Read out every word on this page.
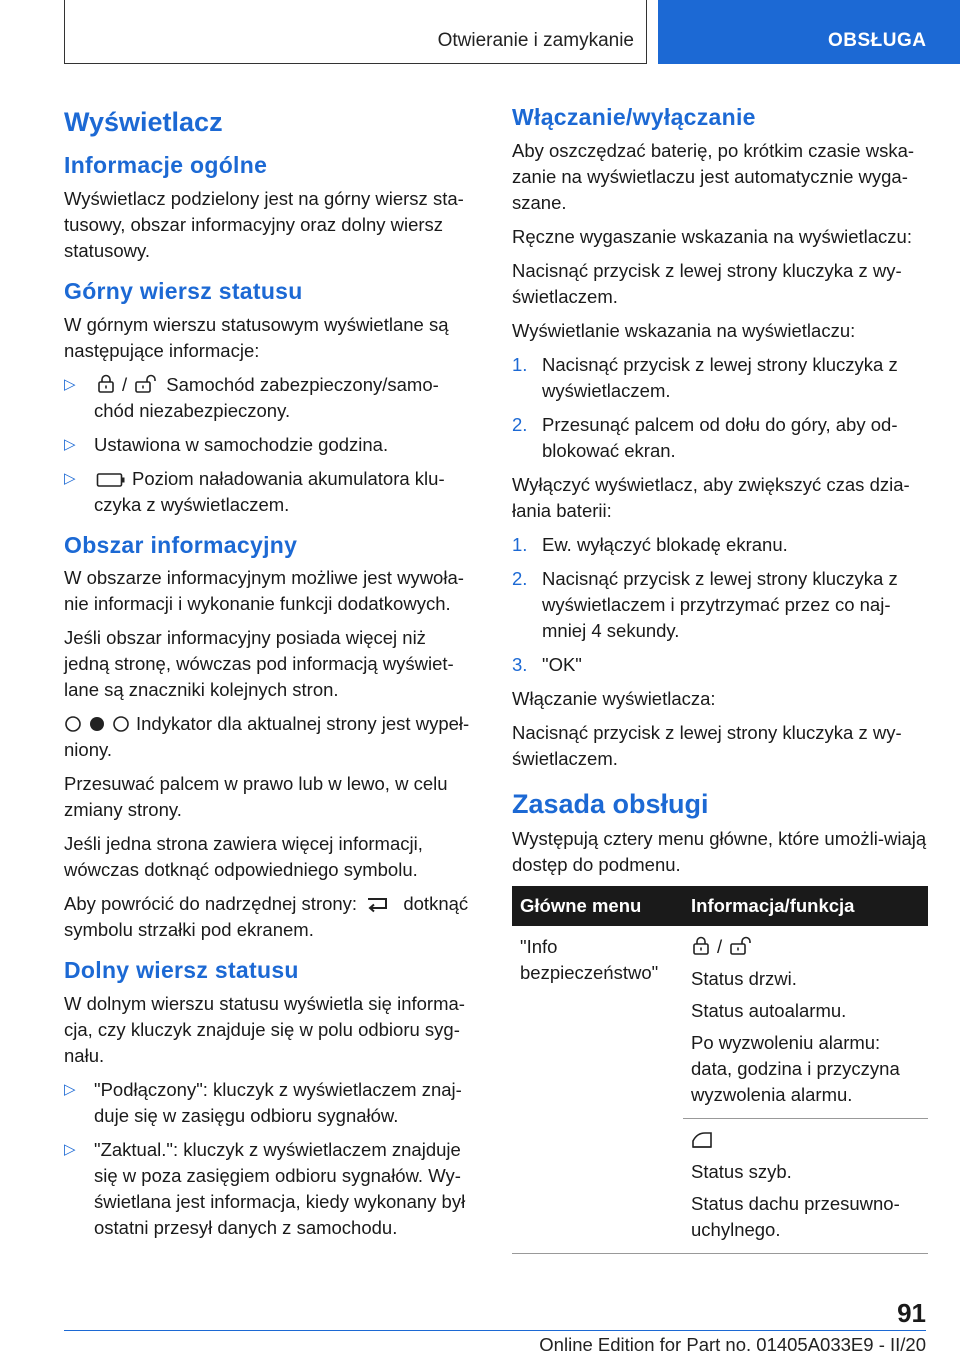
Otwieranie i zamykanie	OBSŁUGA
Wyświetlacz
Informacje ogólne

Wyświetlacz podzielony jest na górny wiersz sta-tusowy, obszar informacyjny oraz dolny wiersz statusowy.

Górny wiersz statusu

W górnym wierszu statusowym wyświetlane są następujące informacje:

▷	/ Samochód zabezpieczony/samo-chód niezabezpieczony.
▷ Ustawiona w samochodzie godzina.
▷	Poziom naładowania akumulatora klu-czyka z wyświetlaczem.
Obszar informacyjny

W obszarze informacyjnym możliwe jest wywoła-nie informacji i wykonanie funkcji dodatkowych.

Jeśli obszar informacyjny posiada więcej niż jedną stronę, wówczas pod informacją wyświet-lane są znaczniki kolejnych stron.

Indykator dla aktualnej strony jest wypeł-niony.

Przesuwać palcem w prawo lub w lewo, w celu zmiany strony.

Jeśli jedna strona zawiera więcej informacji, wówczas dotknąć odpowiedniego symbolu.

Aby powrócić do nadrzędnej strony:	dotknąć symbolu strzałki pod ekranem.

Dolny wiersz statusu

W dolnym wierszu statusu wyświetla się informa-cja, czy kluczyk znajduje się w polu odbioru syg-nału.

▷ "Podłączony": kluczyk z wyświetlaczem znaj-duje się w zasięgu odbioru sygnałów.
▷ "Zaktual.": kluczyk z wyświetlaczem znajduje się w poza zasięgiem odbioru sygnałów. Wy-świetlana jest informacja, kiedy wykonany był ostatni przesył danych z samochodu.
Włączanie/wyłączanie

Aby oszczędzać baterię, po krótkim czasie wska-zanie na wyświetlaczu jest automatycznie wyga-szane.

Ręczne wygaszanie wskazania na wyświetlaczu:

Nacisnąć przycisk z lewej strony kluczyka z wy-świetlaczem.

Wyświetlanie wskazania na wyświetlaczu:

1. Nacisnąć przycisk z lewej strony kluczyka z wyświetlaczem.
2. Przesunąć palcem od dołu do góry, aby od-blokować ekran.

Wyłączyć wyświetlacz, aby zwiększyć czas dzia-łania baterii:

1. Ew. wyłączyć blokadę ekranu.
2. Nacisnąć przycisk z lewej strony kluczyka z wyświetlaczem i przytrzymać przez co naj-mniej 4 sekundy.
3. "OK"

Włączanie wyświetlacza:

Nacisnąć przycisk z lewej strony kluczyka z wy-świetlaczem.

Zasada obsługi

Występują cztery menu główne, które umożli-wiają dostęp do podmenu.

Główne menu	Informacja/funkcja
"Info bezpieczeństwo"	/

Status drzwi.

Status autoalarmu.

Po wyzwoleniu alarmu: data, godzina i przyczyna wyzwolenia alarmu.

	Status szyb.

Status dachu przesuwno-uchylnego.

91
Online Edition for Part no. 01405A033E9 - II/20
